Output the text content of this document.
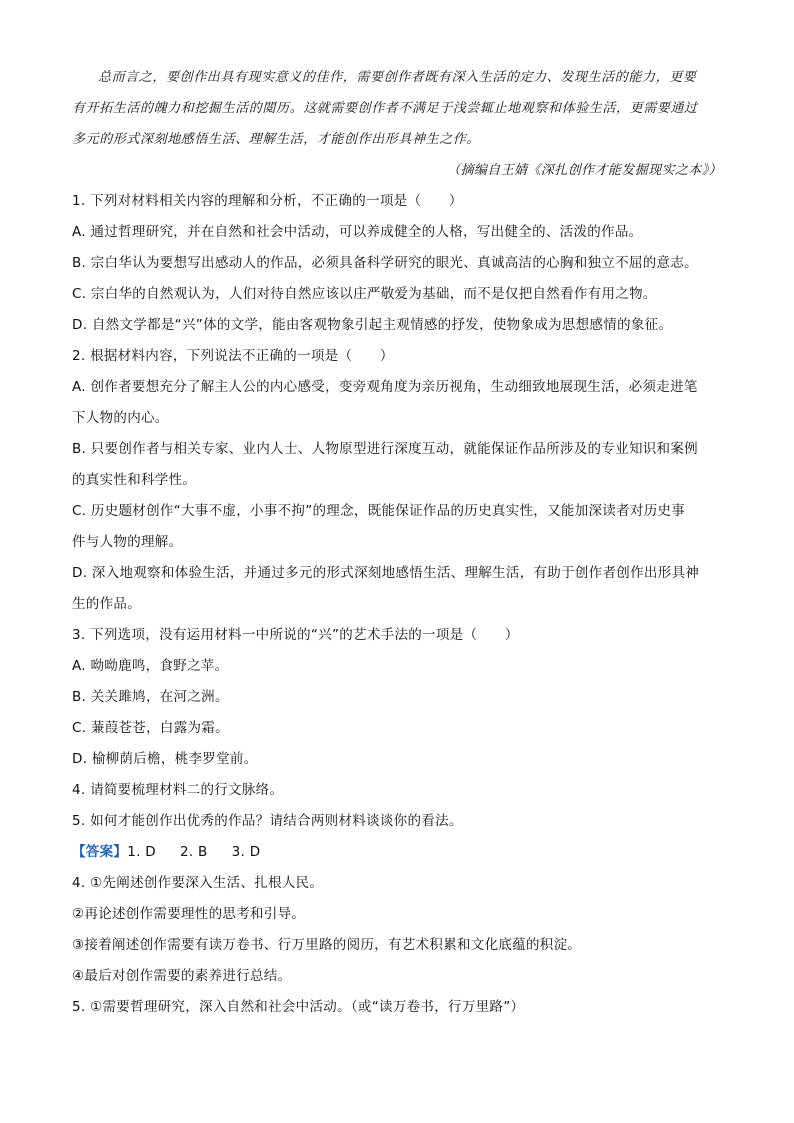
总而言之，要创作出具有现实意义的佳作，需要创作者既有深入生活的定力、发现生活的能力，更要

有开拓生活的魄力和挖掘生活的閲历。这就需要创作者不满足于浅尝辄止地观察和体验生活，更需要通过

多元的形式深刻地感悟生活、理解生活，才能创作出形具神生之作。

（摘编自王婧《深扎创作才能发掘现实之本》）

1. 下列对材料相关内容的理解和分析，不正确的一项是（　　）

A. 通过哲理研究，并在自然和社会中活动，可以养成健全的人格，写出健全的、活泼的作品。

B. 宗白华认为要想写出感动人的作品，必须具备科学研究的眼光、真诚高洁的心胸和独立不屈的意志。

C. 宗白华的自然观认为，人们对待自然应该以庄严敬爱为基础，而不是仅把自然看作有用之物。

D. 自然文学都是“兴”体的文学，能由客观物象引起主观情感的抒发，使物象成为思想感情的象征。

2. 根据材料内容，下列说法不正确的一项是（　　）

A. 创作者要想充分了解主人公的内心感受，变旁观角度为亲历视角，生动细致地展现生活，必须走进笔

下人物的内心。

B. 只要创作者与相关专家、业内人士、人物原型进行深度互动，就能保证作品所涉及的专业知识和案例

的真实性和科学性。

C. 历史题材创作“大事不虚，小事不拘”的理念，既能保证作品的历史真实性，又能加深读者对历史事

件与人物的理解。

D. 深入地观察和体验生活，并通过多元的形式深刻地感悟生活、理解生活，有助于创作者创作出形具神

生的作品。

3. 下列选项，没有运用材料一中所说的“兴”的艺术手法的一项是（　　）

A. 呦呦鹿鸣，食野之苹。

B. 关关雎鸠，在河之洲。

C. 蒹葭苍苍，白露为霜。

D. 榆柳荫后檐，桃李罗堂前。

4. 请简要梳理材料二的行文脉络。

5. 如何才能创作出优秀的作品？请结合两则材料谈谈你的看法。

【答案】1. D 2. B 3. D

4. ①先阐述创作要深入生活、扎根人民。

②再论述创作需要理性的思考和引导。

③接着阐述创作需要有读万卷书、行万里路的阅历，有艺术积累和文化底蕴的积淀。

④最后对创作需要的素养进行总结。

5. ①需要哲理研究，深入自然和社会中活动。（或“读万卷书，行万里路”）
